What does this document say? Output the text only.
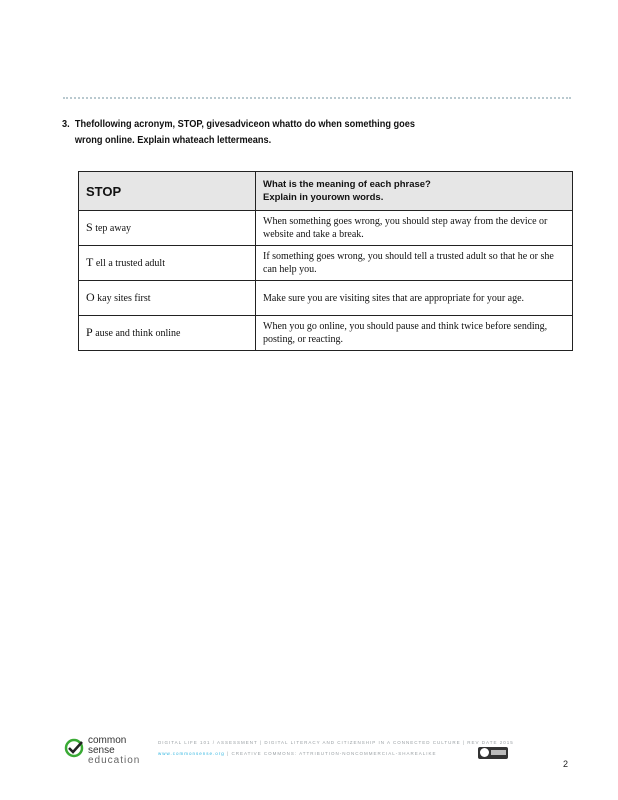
3. Thefollowing acronym, STOP, givesadviceon whatto do when something goes
wrong online. Explain whateach lettermeans.
STOP	What is the meaning of each phrase?
Explain in yourown words.

S tep away	When something goes wrong, you should step away from the device or website and take a break.
T ell a trusted adult	If something goes wrong, you should tell a trusted adult so that he or she can help you.
O kay sites first	Make sure you are visiting sites that are appropriate for your age.
P ause and think online	When you go online, you should pause and think twice before sending, posting, or reacting.
common
sense
education
DIGITAL LIFE 101 / ASSESSMENT | DIGITAL LITERACY AND CITIZENSHIP IN A CONNECTED CULTURE | REV DATE 2015
www.commonsense.org | CREATIVE COMMONS: ATTRIBUTION-NONCOMMERCIAL-SHAREALIKE
2
